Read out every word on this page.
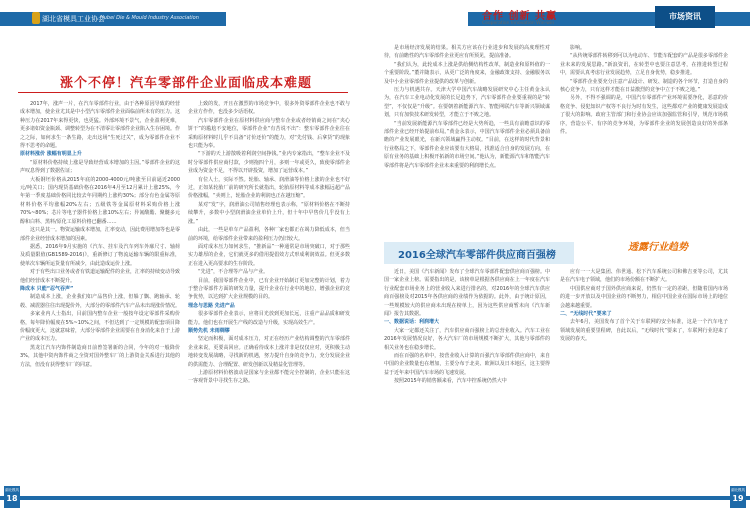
湖北省模具工业协会
Hubei Die & Mould Industry Association	合作 创新 共赢
Cooperation Innovation Win-win
市场资讯
涨个不停！汽车零部件企业面临成本难题

2017年，涨声一片，在汽车零部件行业，由于各种原因导致的经营成本增加，使企业尤其是中小型汽车零部件企业面临前所未有的压力。这种压力在2017年来得更快，也更猛。外部环境不景气，企业盈利更难，更多诸如资金瓶颈、调整转型为在不清零让零部件企业陷入生存困境。作之之际，如何求生一条生路，走出这场“生死过关”，成为零部件企业不得不思考的命题。

原材料涨价 涨幅有明显上升

“原材料价格持续上涨是导致经营成本增加的主因。”零部件企业的这声叹息得到了数据佐证；

大板钢坯价格从2015年底的2000-4000元/吨涨至目前逼近2000元/吨关口；国内现货基础价格在2016年4月至12月累计上涨25%，今年第一季度基础价格同比较去年同期约上涨约30%；部分有色金属等原材料价格平均涨幅20%左右；五级铁等金属原材料采购价格上涨70%~80%；芯片等电子器件价格上涨10%左右；异氰酸酯、聚醚多元醇和白料、黑料/原化工原料价格已翻番……

这只是其一。物资运输成本增加，汇率变动，因此费用增加等也是零部件企业经营成本增加的因素。

据悉，2016年9月实施的《汽车、挂车及汽车列车外廓尺寸、轴荷及质量限值(GB1589-2016)》，重新修订了物流运输车辆的限重标准，使单次车辆所运货量有所减少，由此造成运价上涨。

对于有些出口业务或者有铁道运输配件的企业，汇率的持续变动导致他们经营成本不断提升。

降成本 只能“忍气吞声”

制造成本上涨，企业我们如产品售价上涨，但躲了飘、跑轴承、轮毂、减震器往往出现提价外，大部分的零部件汽车产品未出现涨价情况。

多家业内人士指出，目前国内整车企业一般按年设定零部件采购价格，每年降价幅度在5%~10%之间，不但达到了一定规模的配套项目降价幅度更大，这就意味着，大部分零部件企业需要在自身消化来自于上游产业的成本压力。

黑龙江汽车内饰件制造商日前曾签署新的合同，今年的对一般降价3%，其他中资内饰件商之全资对国外整车厂的上游资金关系进行其他的方法，但没有获得整车厂的同意。

上致的发，开且在激烈的市场竞争中，很多外资零部件企业也不敢与企业方作作，也没多少话语权。

汽车零部件企业在原材料供应商与整车企业或者经销商之间在“夹心饼干”的尴尬不安地位，零部件企业“有苦说不出”：整车零部件企业往在采购原材料时儿乎不具备“讨价还价”的能力，对“先付钱、后拿货”的现象也只能为奉。

“下游的天上游散吸着利润空间挣钱。”业内专家指出，“整车企业不及时分零部件供应商付款，少则拖四个月，多则一年或更久，致使零部件企业成为资金不足，不得以开辟投资，增加了运营成本。”

有位人士，实际不然。轮胎、轴承、润滑油等价格上涨的企业也不好过，正如某轮胎厂前的研究所长就指出，轮胎原材料等成本涨幅远超产品价格涨幅，“卖则上，轮胎企业的利润也正在越压缩”。

某对“发”字，润滑油公司销售经理也表示称，“原材料价格在不断持续攀升，多数中小型润滑油企业单价上升，但十年中早售价几乎没有上涨。”

由此，一些是单车产品盈利，各种厂家也都正在竭力降低成本，但当前的环境，给零部件企业带来的盈利压力仍旧较大。

面对成本压力如何求生，“推新品”一种通常是市场突破口，对于那些实力雄厚的企业，它们就更多的借用提倡效方式形成利润效益。但更多数正在进入更高要求的生存阶段。

“先进”，不合理等产品与产业。

目前，我国零部件企业中，已有企业开始制订更加完整的计划，着力于整合零部件方面的研发力量，提升企业在行业中的地位，增强企业的竞争优势，以达到扩大企业规模的目的。

理念与思路 先进产品

很多零部件企业表示，应将目光放到更加长远，注重产品品质和研发能力。他们也在开展生产线的改造与升级，实现高效生产。

顺势先机 未雨绸缪

坚定而积极，面对成本压力，对正在经历产业结构调整的汽车零部件企业来说，更要高回应。正确看待成本上涨并非是仅仅应对，更积极主动地转变发展战略，寻找新的机遇，努力提升自身的竞争力，充分发展企业的供需能力、合理配置、研发创新以及精益化管理等。

上游原材料价格波动是国家与企业都不能完全控制的，企业只能在这一客观背景中寻找生存之路。

是市场经济发展的结果。相关方应该在行业进步和发展的高度理性对待，有前瞻性的汽车零部件企业更应有所预见，提前准备。

“我们认为，此轮成本上涨是供给侧结构性改革，制造业和原料值的一个重要阶段。”董并随表示，从更广泛的角度来，金融政策支持、金融服务以及中小企业零部件企业提供的改革与创新。

压力与机遇共存。天津大学中国汽车战略发展研究中心主任黄金永认为，在汽车工业电动化发展的长足趋势下，汽车零部件企业要重视的是“转型”，不仅仅是“升级”。在要朝着新能源汽车、智能网联汽车等新兴领域谋划，只有加快技术研发转型，才能立于不败之地。

“当前发展新能源汽车零部件已经是大势所趋，一些具有前瞻意识的零部件企业已经开始提前布局。”黄金永表示，中国汽车零部件企业必须具备前瞻的产业发展眼光，在新兴领域赢得主动权。“目前，在这样的时代背景和行业格局之下，零部件企业应该要有大格局，找准适合自身的发展方向，在原有业务的基础上积极开拓新的市场空间。”他认为，新能源汽车和智能汽车零部件将是汽车零部件企业未来重要的利润增长点。

影响。

“从传统零部件转移到可以为电动车、节能车配套的产品是很多零部件企业未来的发展思路。”新浪资讯，在转型中也要注意思考，在推进转型过程中，需要认真考虑行业发展趋势，立足自身优势，稳步推进。

“零部件企业要充分注意产品设计、研发、制造的各个环节，打造自身的核心竞争力，只有这样才能在日益激烈的竞争中立于不败之地。”

另外，不得不强调的是，中国汽车零部件产业环境需要净化，恶意的价格竞争、侵犯知识产权等不良行为时有发生，这些都对产业的健康发展造成了很大的影响。政府主管部门和行业协会应该加强监管和引导，规范市场秩序，营造公平、有序的竞争环境，为零部件企业的发展创造良好的外部条件。

2016全球汽车零部件供应商百强榜
透露行业趋势

近日，美国《汽车新闻》发布了全球汽车零部件配套供应商百强榜。中国一家企业上榜。需要指出的是，该榜单是根据各供应商在上一年度在汽车行业配套市场业务上的营业收入来进行排名的，对2016年的全球汽车供应商百强榜及对2015年各供应商的业绩作为依据的。此外，由于统计原因，一些规模较大的供应商未出现在榜单上，因为这些供应商暂未向《汽车新闻》报告其数据。

一、数据说话：利润增大

大家一定都还关注了，汽车供应商百强榜上的总营业收入。汽车工业在2016年发展情况良好，各大汽车厂的市场规模不断扩大，其他与零部件的相关业务也在稳步增长。

而在百强的名单中，按营业收入计算的百强汽车零部件供应商中，来自中国的企业数量也在增加，主要分布于北美、欧洲以及日本地区，这主要得益于近年来中国汽车市场的飞速发展。

按照2015年的销售额来看，汽车中控系统仍然大中

应有一一大是集团、伟世通、松下汽车系统公司和佛吉亚等公司，尤其是在汽车电子领域，他们的市场份额在不断扩大。

中国供应商对于国外供应商来说，仍然有一定的差距，但随着国内市场的进一步开放以及中国企业的不断努力，相信中国企业在国际市场上的地位会越来越重要。

二、“无线时代”要来了

去年6月，美国发布了首个关于车联网的安全标准，这是一个汽车电子领域发展的重要里程碑，自此以后，“无线时代”要来了，车联网行业迎来了发展的春天。

湖北模具
18
湖北模具
19
